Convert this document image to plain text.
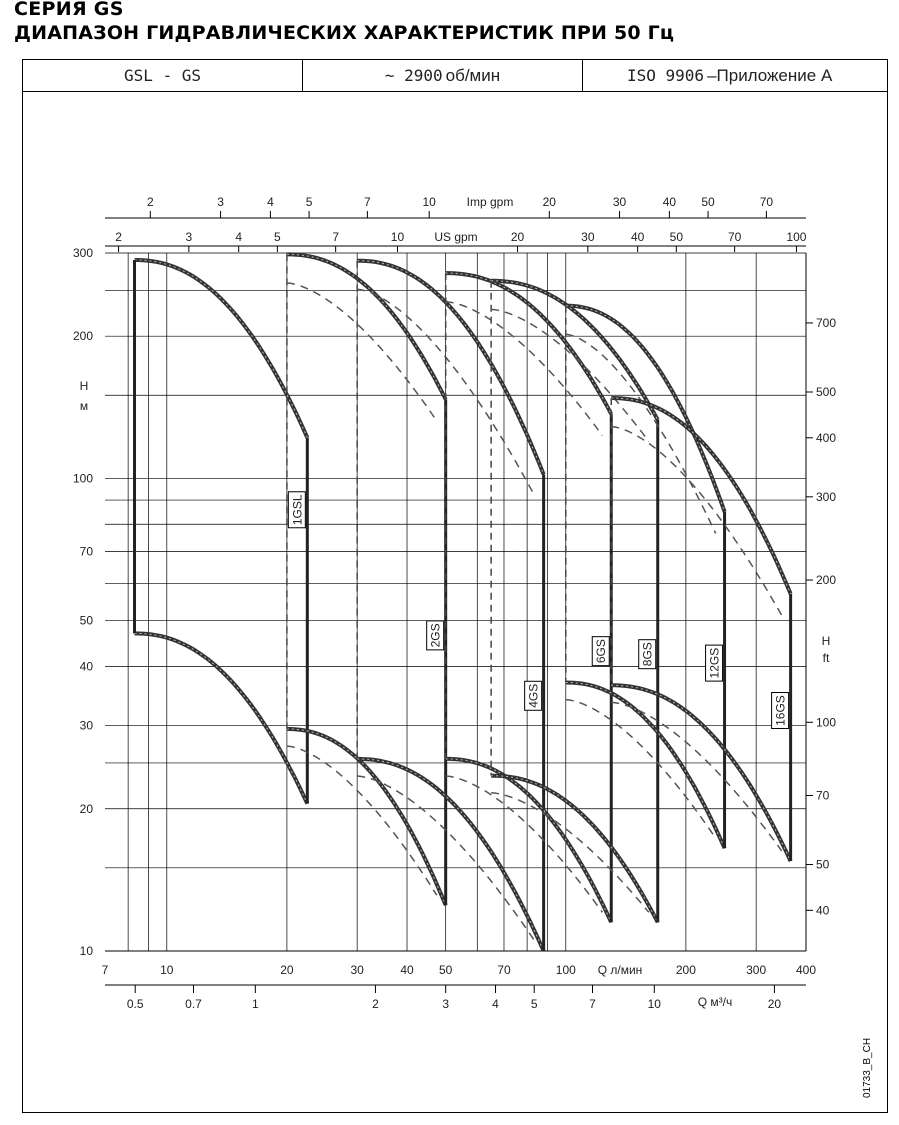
СЕРИЯ GS
ДИАПАЗОН ГИДРАВЛИЧЕСКИХ ХАРАКТЕРИСТИК ПРИ 50 Гц
GSL - GS	~ 2900 об/мин	ISO 9906 –Приложение A
300
200
100
70
50
40
30
20
10
H
м
700
500
400
300
200
100
70
50
40
H
ft
7	10	20	30	40 50	70	100	200	300 400
Q л/мин
0.5	0.7	1	2	3	4	5	7	10	20
Q м³/ч
2	3	4	5	7	10	20	30	40 50	70	100
US gpm
2	3	4	5	7	10	20	30	40 50	70
Imp gpm
1GSL
2GS
4GS
6GS	8GS	12GS
16GS
01733_B_CH
